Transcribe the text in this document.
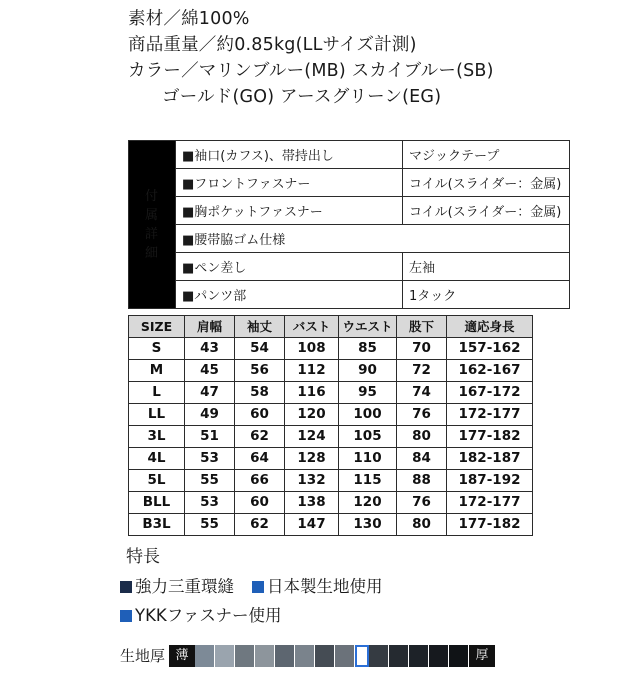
素材／綿100%
商品重量／約0.85kg(LLサイズ計測)
カラー／マリンブルー(MB) スカイブルー(SB)
ゴールド(GO) アースグリーン(EG)
付属詳細	■袖口(カフス)、帯持出し	マジックテープ
	■フロントファスナー	コイル(スライダー：金属)
	■胸ポケットファスナー	コイル(スライダー：金属)
	■腰帯脇ゴム仕様	
	■ペン差し	左袖
	■パンツ部	1タック
SIZE	肩幅	袖丈	バスト	ウエスト	股下	適応身長
S	43	54	108	85	70	157-162
M	45	56	112	90	72	162-167
L	47	58	116	95	74	167-172
LL	49	60	120	100	76	172-177
3L	51	62	124	105	80	177-182
4L	53	64	128	110	84	182-187
5L	55	66	132	115	88	187-192
BLL	53	60	138	120	76	172-177
B3L	55	62	147	130	80	177-182
特長
強力三重環縫 日本製生地使用
YKKファスナー使用
生地厚 薄	厚
